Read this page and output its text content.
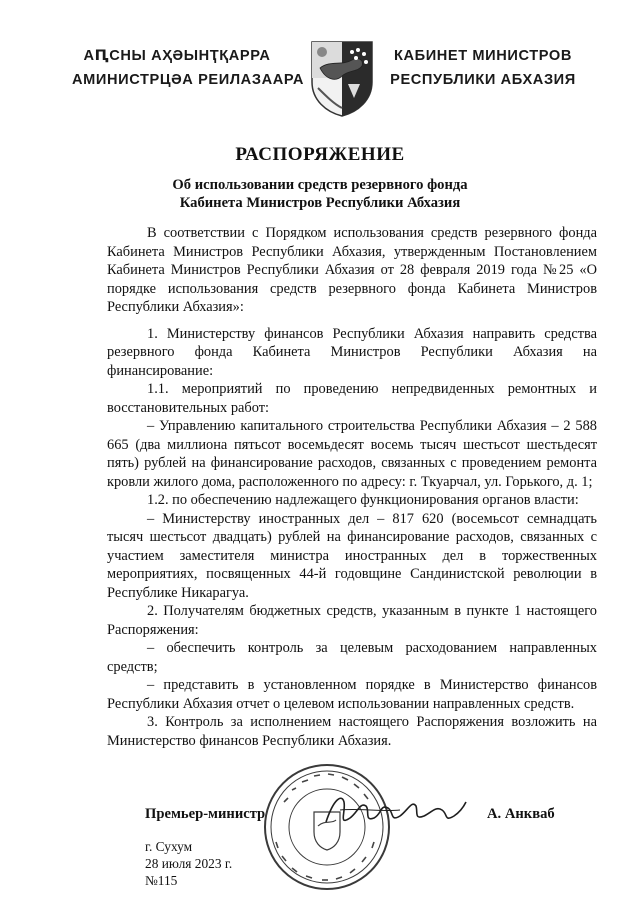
АԤСНЫ АҲӘЫНҬҚАРРА
АМИНИСТРЦӘА РЕИЛАЗААРА
КАБИНЕТ МИНИСТРОВ
РЕСПУБЛИКИ АБХАЗИЯ
РАСПОРЯЖЕНИЕ
Об использовании средств резервного фонда
Кабинета Министров Республики Абхазия

В соответствии с Порядком использования средств резервного фонда Кабинета Министров Республики Абхазия, утвержденным Постановлением Кабинета Министров Республики Абхазия от 28 февраля 2019 года №25 «О порядке использования средств резервного фонда Кабинета Министров Республики Абхазия»:

1. Министерству финансов Республики Абхазия направить средства резервного фонда Кабинета Министров Республики Абхазия на финансирование:

1.1. мероприятий по проведению непредвиденных ремонтных и восстановительных работ:

– Управлению капитального строительства Республики Абхазия – 2 588 665 (два миллиона пятьсот восемьдесят восемь тысяч шестьсот шестьдесят пять) рублей на финансирование расходов, связанных с проведением ремонта кровли жилого дома, расположенного по адресу: г. Ткуарчал, ул. Горького, д. 1;

1.2. по обеспечению надлежащего функционирования органов власти:

– Министерству иностранных дел – 817 620 (восемьсот семнадцать тысяч шестьсот двадцать) рублей на финансирование расходов, связанных с участием заместителя министра иностранных дел в торжественных мероприятиях, посвященных 44-й годовщине Сандинистской революции в Республике Никарагуа.

2. Получателям бюджетных средств, указанным в пункте 1 настоящего Распоряжения:

– обеспечить контроль за целевым расходованием направленных средств;

– представить в установленном порядке в Министерство финансов Республики Абхазия отчет о целевом использовании направленных средств.

3. Контроль за исполнением настоящего Распоряжения возложить на Министерство финансов Республики Абхазия.

Премьер-министр	А. Анкваб
г. Сухум
28 июля 2023 г.
№115
